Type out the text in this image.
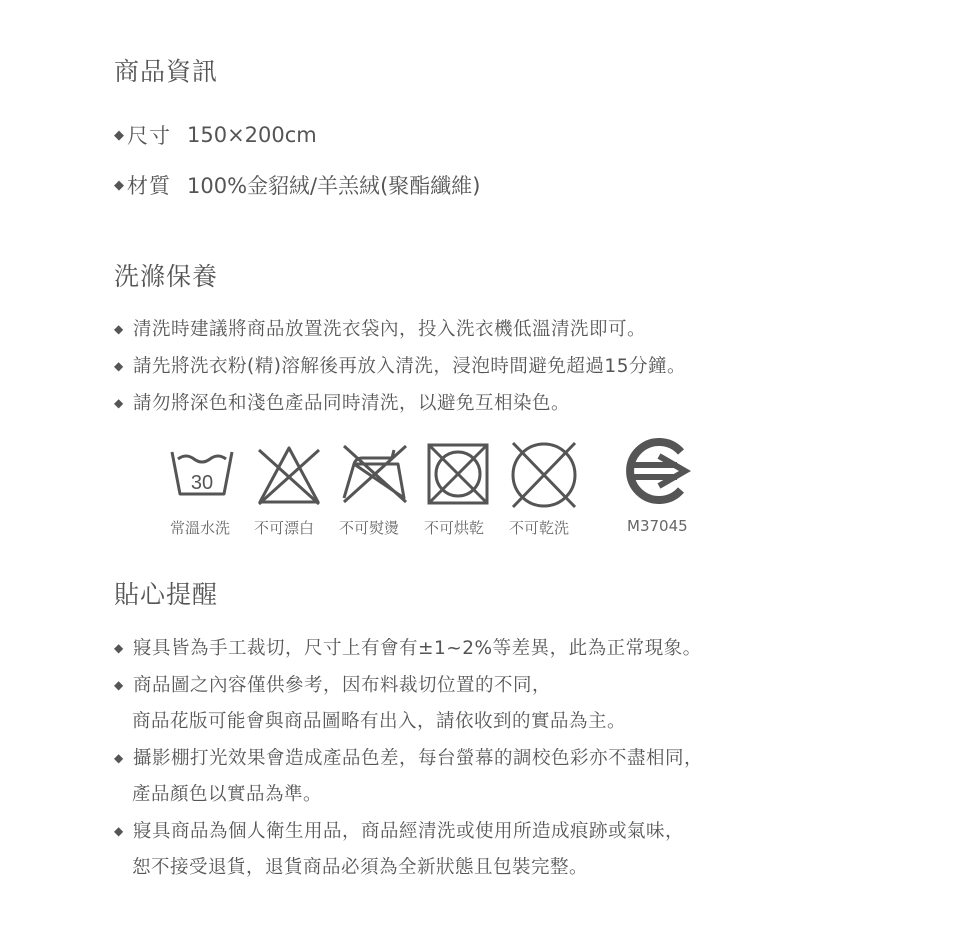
商品資訊
◆ 尺寸 150×200cm
◆ 材質 100%金貂絨/羊羔絨(聚酯纖維)
洗滌保養
◆ 清洗時建議將商品放置洗衣袋內，投入洗衣機低溫清洗即可。
◆ 請先將洗衣粉(精)溶解後再放入清洗，浸泡時間避免超過15分鐘。
◆ 請勿將深色和淺色產品同時清洗，以避免互相染色。
30
常溫水洗 不可漂白 不可熨燙 不可烘乾 不可乾洗	M37045
貼心提醒
◆ 寢具皆為手工裁切，尺寸上有會有±1~2%等差異，此為正常現象。
◆ 商品圖之內容僅供參考，因布料裁切位置的不同，
商品花版可能會與商品圖略有出入，請依收到的實品為主。
◆ 攝影棚打光效果會造成產品色差，每台螢幕的調校色彩亦不盡相同，
產品顏色以實品為準。
◆ 寢具商品為個人衛生用品，商品經清洗或使用所造成痕跡或氣味，
恕不接受退貨，退貨商品必須為全新狀態且包裝完整。
